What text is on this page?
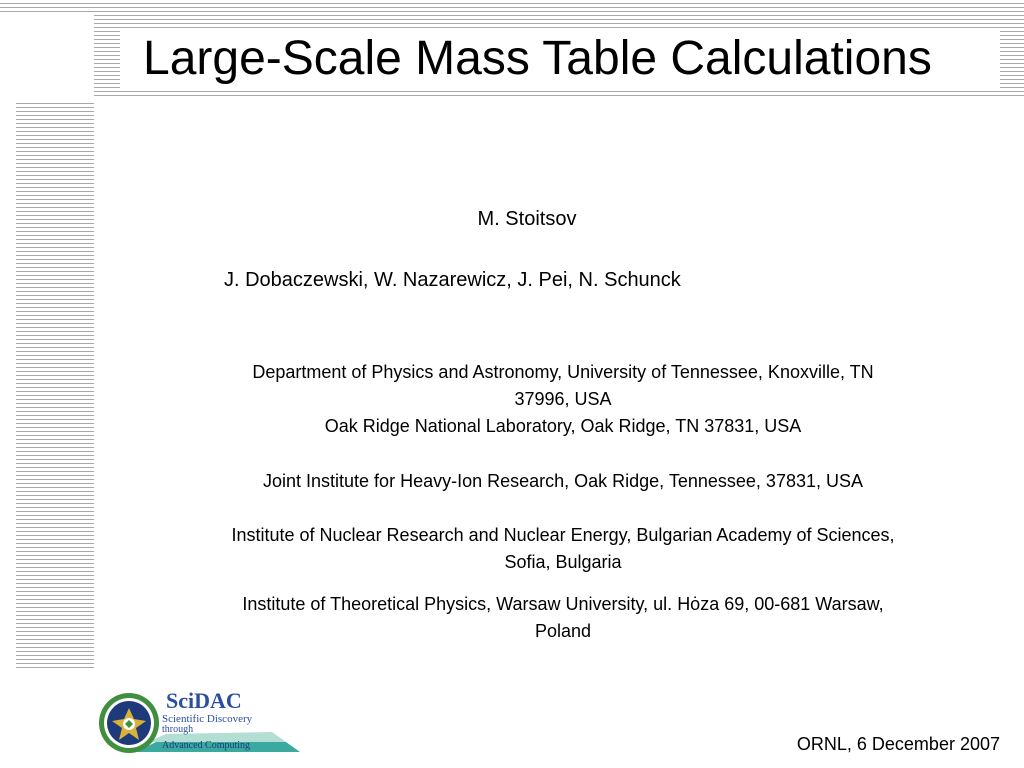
Large-Scale Mass Table Calculations
M. Stoitsov
J. Dobaczewski, W. Nazarewicz, J. Pei, N. Schunck

Department of Physics and Astronomy, University of Tennessee, Knoxville, TN

37996, USA

Oak Ridge National Laboratory, Oak Ridge, TN 37831, USA

Joint Institute for Heavy-Ion Research, Oak Ridge, Tennessee, 37831, USA

Institute of Nuclear Research and Nuclear Energy, Bulgarian Academy of Sciences,

Sofia, Bulgaria

Institute of Theoretical Physics, Warsaw University, ul. Hȯza 69, 00-681 Warsaw,

Poland

ORNL, 6 December 2007
SciDAC
Scientific Discovery
through
Advanced Computing
